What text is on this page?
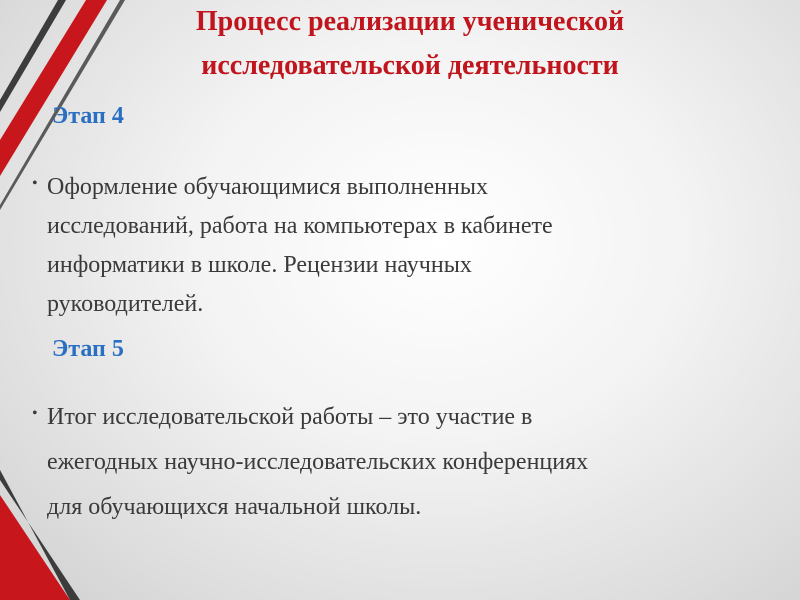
Процесс реализации ученической
исследовательской деятельности
Этап 4
• Оформление обучающимися выполненных
исследований, работа на компьютерах в кабинете
информатики в школе. Рецензии научных
руководителей.
Этап 5
• Итог исследовательской работы – это участие в
ежегодных научно-исследовательских конференциях
для обучающихся начальной школы.
